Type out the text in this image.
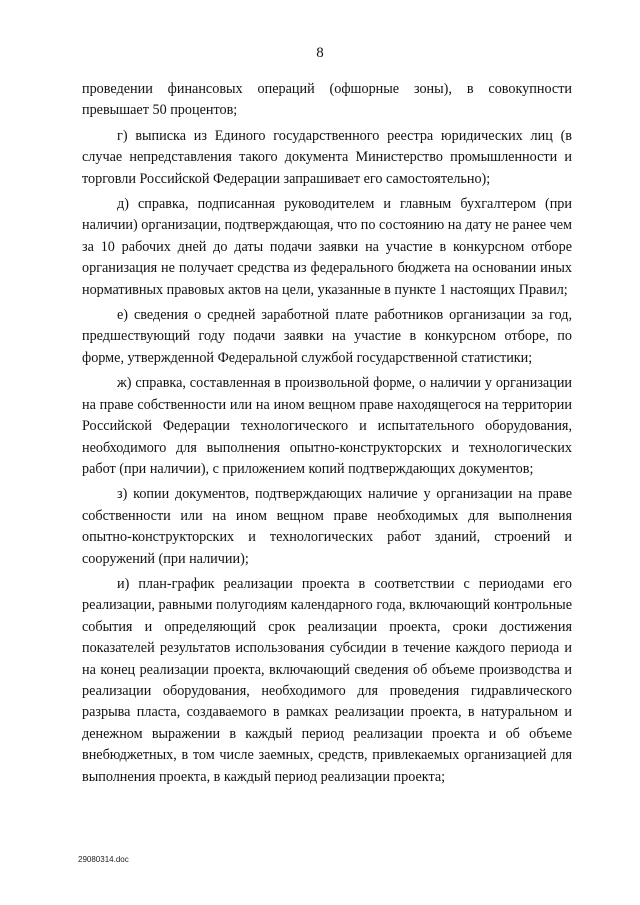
8

проведении финансовых операций (офшорные зоны), в совокупности превышает 50 процентов;

г) выписка из Единого государственного реестра юридических лиц (в случае непредставления такого документа Министерство промышленности и торговли Российской Федерации запрашивает его самостоятельно);

д) справка, подписанная руководителем и главным бухгалтером (при наличии) организации, подтверждающая, что по состоянию на дату не ранее чем за 10 рабочих дней до даты подачи заявки на участие в конкурсном отборе организация не получает средства из федерального бюджета на основании иных нормативных правовых актов на цели, указанные в пункте 1 настоящих Правил;

е) сведения о средней заработной плате работников организации за год, предшествующий году подачи заявки на участие в конкурсном отборе, по форме, утвержденной Федеральной службой государственной статистики;

ж) справка, составленная в произвольной форме, о наличии у организации на праве собственности или на ином вещном праве находящегося на территории Российской Федерации технологического и испытательного оборудования, необходимого для выполнения опытно-конструкторских и технологических работ (при наличии), с приложением копий подтверждающих документов;

з) копии документов, подтверждающих наличие у организации на праве собственности или на ином вещном праве необходимых для выполнения опытно-конструкторских и технологических работ зданий, строений и сооружений (при наличии);

и) план-график реализации проекта в соответствии с периодами его реализации, равными полугодиям календарного года, включающий контрольные события и определяющий срок реализации проекта, сроки достижения показателей результатов использования субсидии в течение каждого периода и на конец реализации проекта, включающий сведения об объеме производства и реализации оборудования, необходимого для проведения гидравлического разрыва пласта, создаваемого в рамках реализации проекта, в натуральном и денежном выражении в каждый период реализации проекта и об объеме внебюджетных, в том числе заемных, средств, привлекаемых организацией для выполнения проекта, в каждый период реализации проекта;

29080314.doc
